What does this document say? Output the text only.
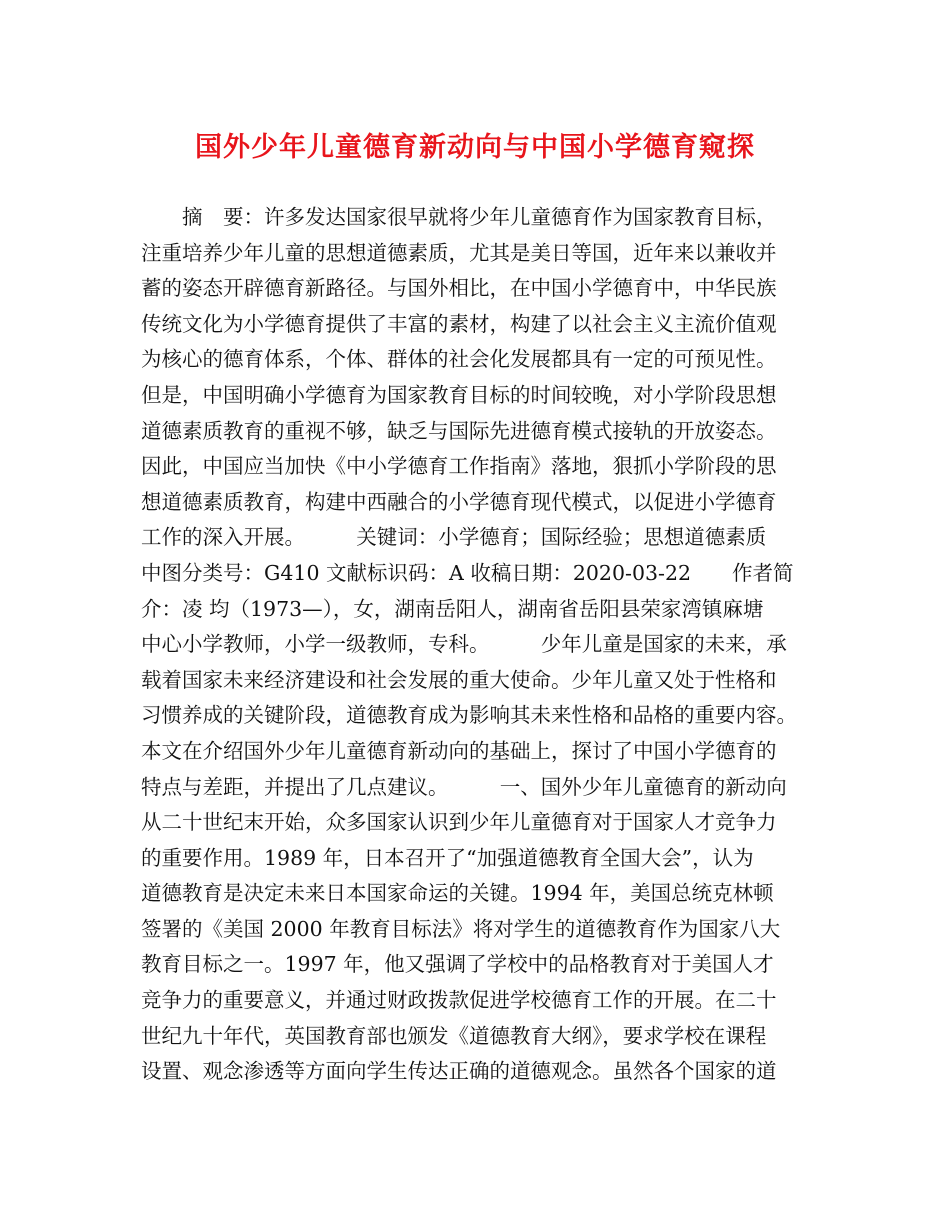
国外少年儿童德育新动向与中国小学德育窥探
　　摘　要：许多发达国家很早就将少年儿童德育作为国家教育目标，
注重培养少年儿童的思想道德素质，尤其是美日等国，近年来以兼收并
蓄的姿态开辟德育新路径。与国外相比，在中国小学德育中，中华民族
传统文化为小学德育提供了丰富的素材，构建了以社会主义主流价值观
为核心的德育体系，个体、群体的社会化发展都具有一定的可预见性。
但是，中国明确小学德育为国家教育目标的时间较晚，对小学阶段思想
道德素质教育的重视不够，缺乏与国际先进德育模式接轨的开放姿态。
因此，中国应当加快《中小学德育工作指南》落地，狠抓小学阶段的思
想道德素质教育，构建中西融合的小学德育现代模式，以促进小学德育
工作的深入开展。　　　关键词：小学德育；国际经验；思想道德素质
中图分类号：G410 文献标识码：A 收稿日期：2020-03-22　　作者简
介：凌 均（1973—），女，湖南岳阳人，湖南省岳阳县荣家湾镇麻塘
中心小学教师，小学一级教师，专科。　　　少年儿童是国家的未来，承
载着国家未来经济建设和社会发展的重大使命。少年儿童又处于性格和
习惯养成的关键阶段，道德教育成为影响其未来性格和品格的重要内容。
本文在介绍国外少年儿童德育新动向的基础上，探讨了中国小学德育的
特点与差距，并提出了几点建议。　　　一、国外少年儿童德育的新动向
从二十世纪末开始，众多国家认识到少年儿童德育对于国家人才竞争力
的重要作用。1989 年，日本召开了“加强道德教育全国大会”，认为
道德教育是决定未来日本国家命运的关键。1994 年，美国总统克林顿
签署的《美国 2000 年教育目标法》将对学生的道德教育作为国家八大
教育目标之一。1997 年，他又强调了学校中的品格教育对于美国人才
竞争力的重要意义，并通过财政拨款促进学校德育工作的开展。在二十
世纪九十年代，英国教育部也颁发《道德教育大纲》，要求学校在课程
设置、观念渗透等方面向学生传达正确的道德观念。虽然各个国家的道
